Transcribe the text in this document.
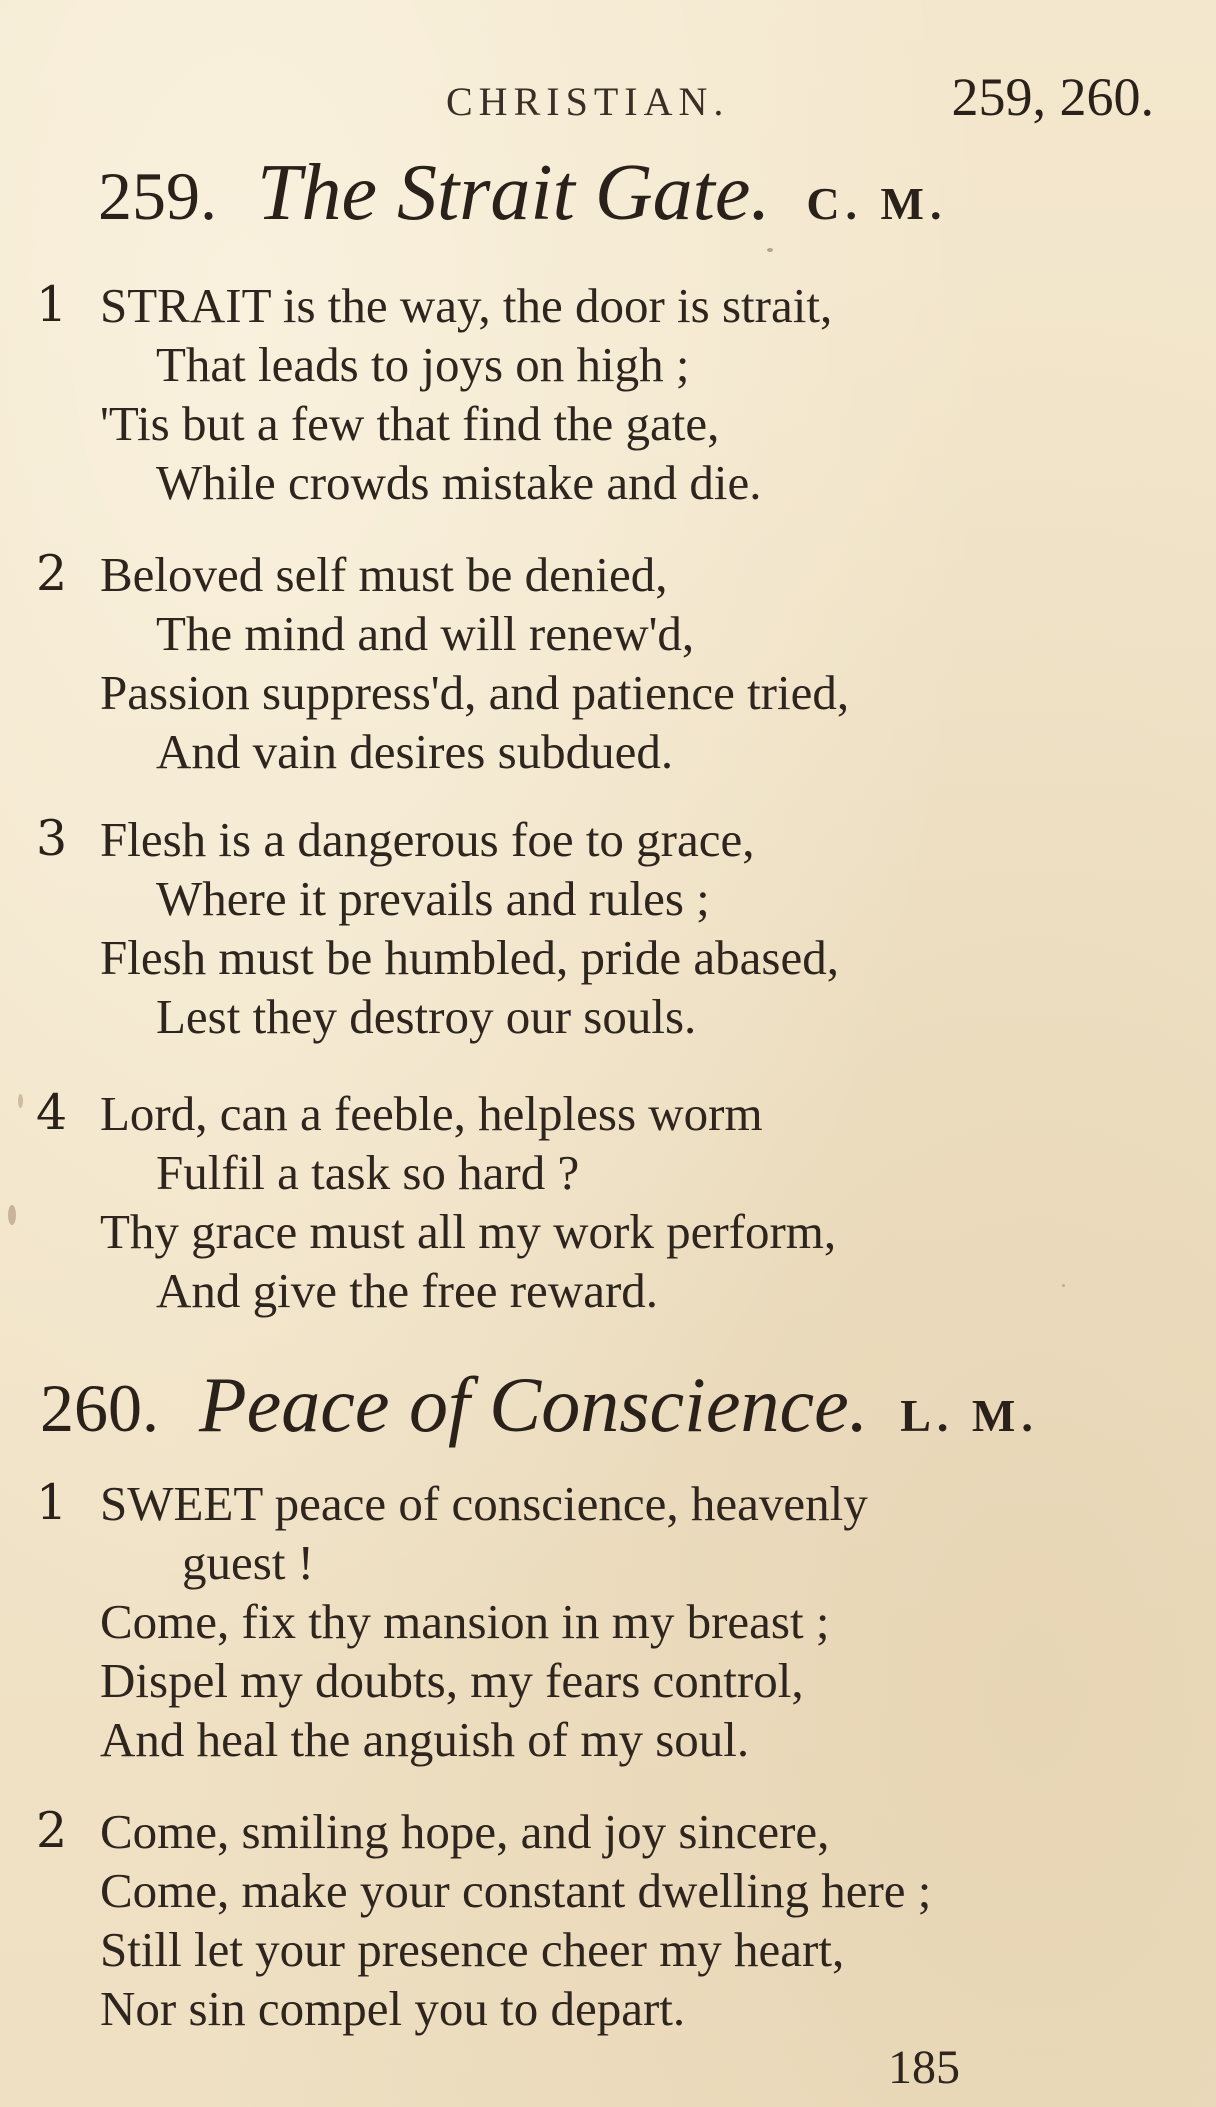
CHRISTIAN.	259, 260.
259. The Strait Gate. C. M.
1 STRAIT is the way, the door is strait,
That leads to joys on high ;
'Tis but a few that find the gate,
While crowds mistake and die.
2 Beloved self must be denied,
The mind and will renew'd,
Passion suppress'd, and patience tried,
And vain desires subdued.
3 Flesh is a dangerous foe to grace,
Where it prevails and rules ;
Flesh must be humbled, pride abased,
Lest they destroy our souls.
4 Lord, can a feeble, helpless worm
Fulfil a task so hard ?
Thy grace must all my work perform,
And give the free reward.
260. Peace of Conscience. L. M.
1 SWEET peace of conscience, heavenly
guest !
Come, fix thy mansion in my breast ;
Dispel my doubts, my fears control,
And heal the anguish of my soul.
2 Come, smiling hope, and joy sincere,
Come, make your constant dwelling here ;
Still let your presence cheer my heart,
Nor sin compel you to depart.
185
